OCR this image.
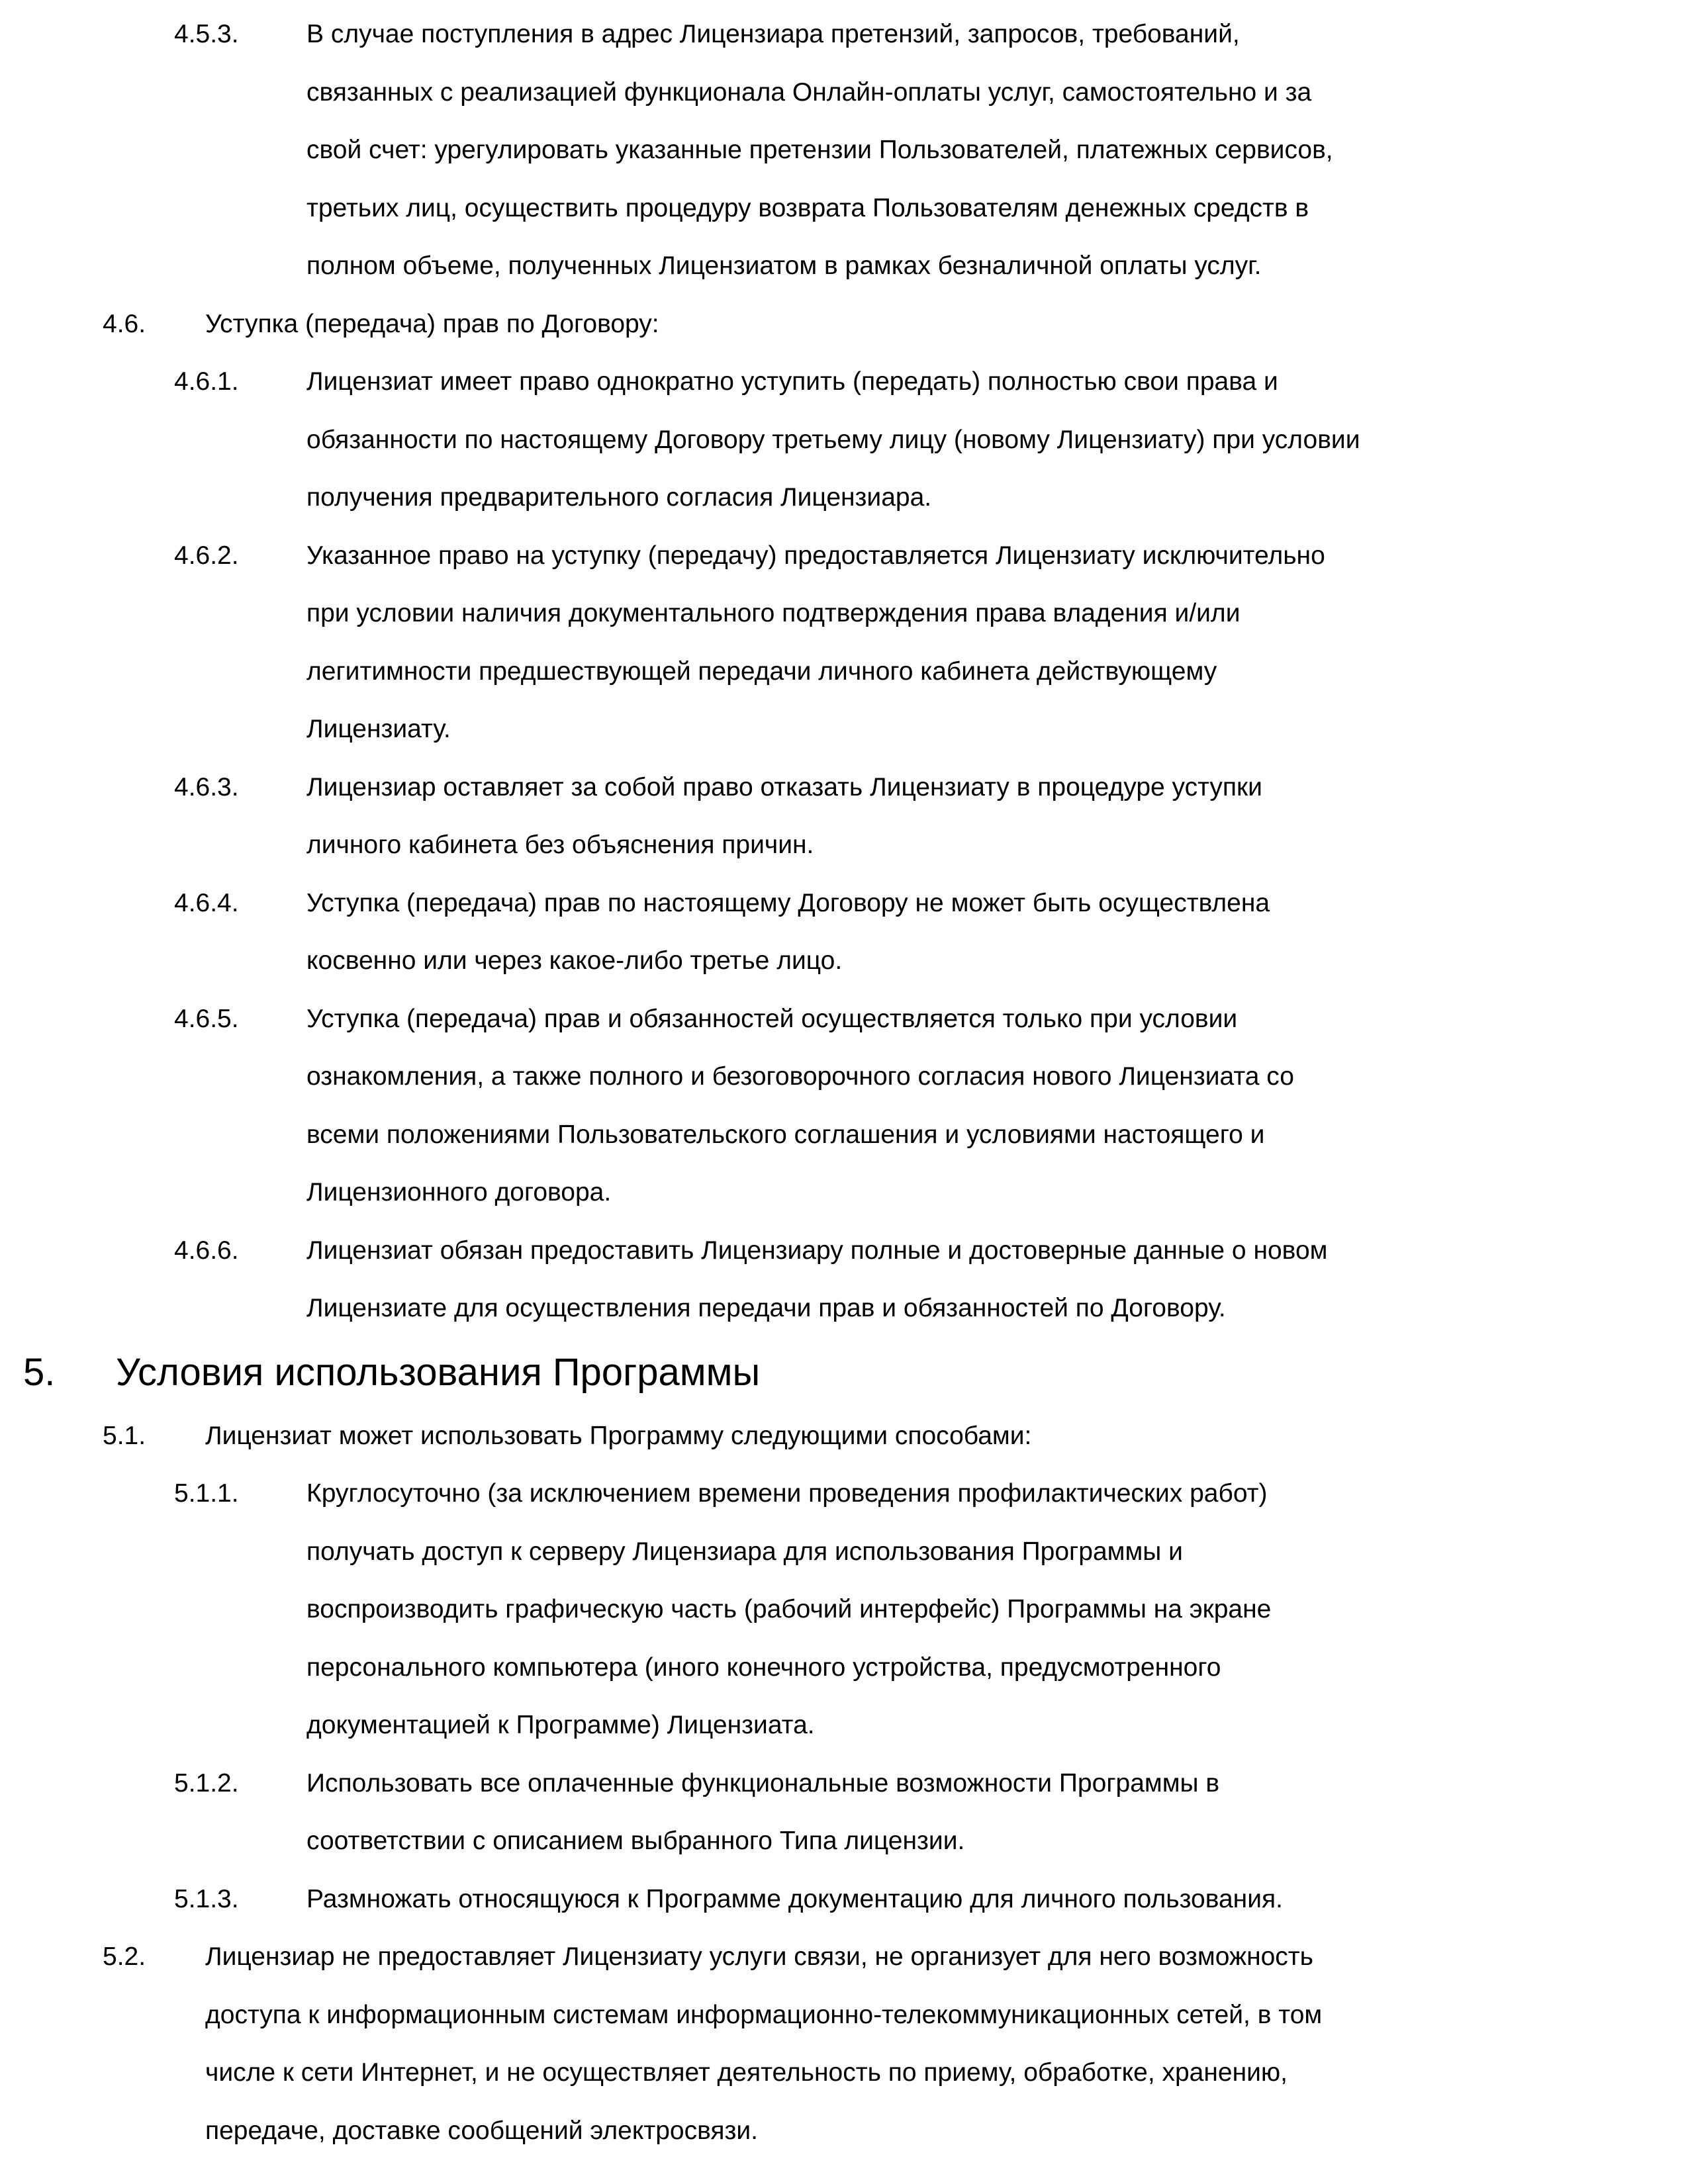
4.5.3.	В случае поступления в адрес Лицензиара претензий, запросов, требований,
связанных с реализацией функционала Онлайн-оплаты услуг, самостоятельно и за
свой счет: урегулировать указанные претензии Пользователей, платежных сервисов,
третьих лиц, осуществить процедуру возврата Пользователям денежных средств в
полном объеме, полученных Лицензиатом в рамках безналичной оплаты услуг.
4.6.	Уступка (передача) прав по Договору:
4.6.1.	Лицензиат имеет право однократно уступить (передать) полностью свои права и
обязанности по настоящему Договору третьему лицу (новому Лицензиату) при условии
получения предварительного согласия Лицензиара.
4.6.2.	Указанное право на уступку (передачу) предоставляется Лицензиату исключительно
при условии наличия документального подтверждения права владения и/или
легитимности предшествующей передачи личного кабинета действующему
Лицензиату.
4.6.3.	Лицензиар оставляет за собой право отказать Лицензиату в процедуре уступки
личного кабинета без объяснения причин.
4.6.4.	Уступка (передача) прав по настоящему Договору не может быть осуществлена
косвенно или через какое-либо третье лицо.
4.6.5.	Уступка (передача) прав и обязанностей осуществляется только при условии
ознакомления, а также полного и безоговорочного согласия нового Лицензиата со
всеми положениями Пользовательского соглашения и условиями настоящего и
Лицензионного договора.
4.6.6.	Лицензиат обязан предоставить Лицензиару полные и достоверные данные о новом
Лицензиате для осуществления передачи прав и обязанностей по Договору.
5.	Условия использования Программы
5.1.	Лицензиат может использовать Программу следующими способами:
5.1.1.	Круглосуточно (за исключением времени проведения профилактических работ)
получать доступ к серверу Лицензиара для использования Программы и
воспроизводить графическую часть (рабочий интерфейс) Программы на экране
персонального компьютера (иного конечного устройства, предусмотренного
документацией к Программе) Лицензиата.
5.1.2.	Использовать все оплаченные функциональные возможности Программы в
соответствии с описанием выбранного Типа лицензии.
5.1.3.	Размножать относящуюся к Программе документацию для личного пользования.
5.2.	Лицензиар не предоставляет Лицензиату услуги связи, не организует для него возможность
доступа к информационным системам информационно-телекоммуникационных сетей, в том
числе к сети Интернет, и не осуществляет деятельность по приему, обработке, хранению,
передаче, доставке сообщений электросвязи.
